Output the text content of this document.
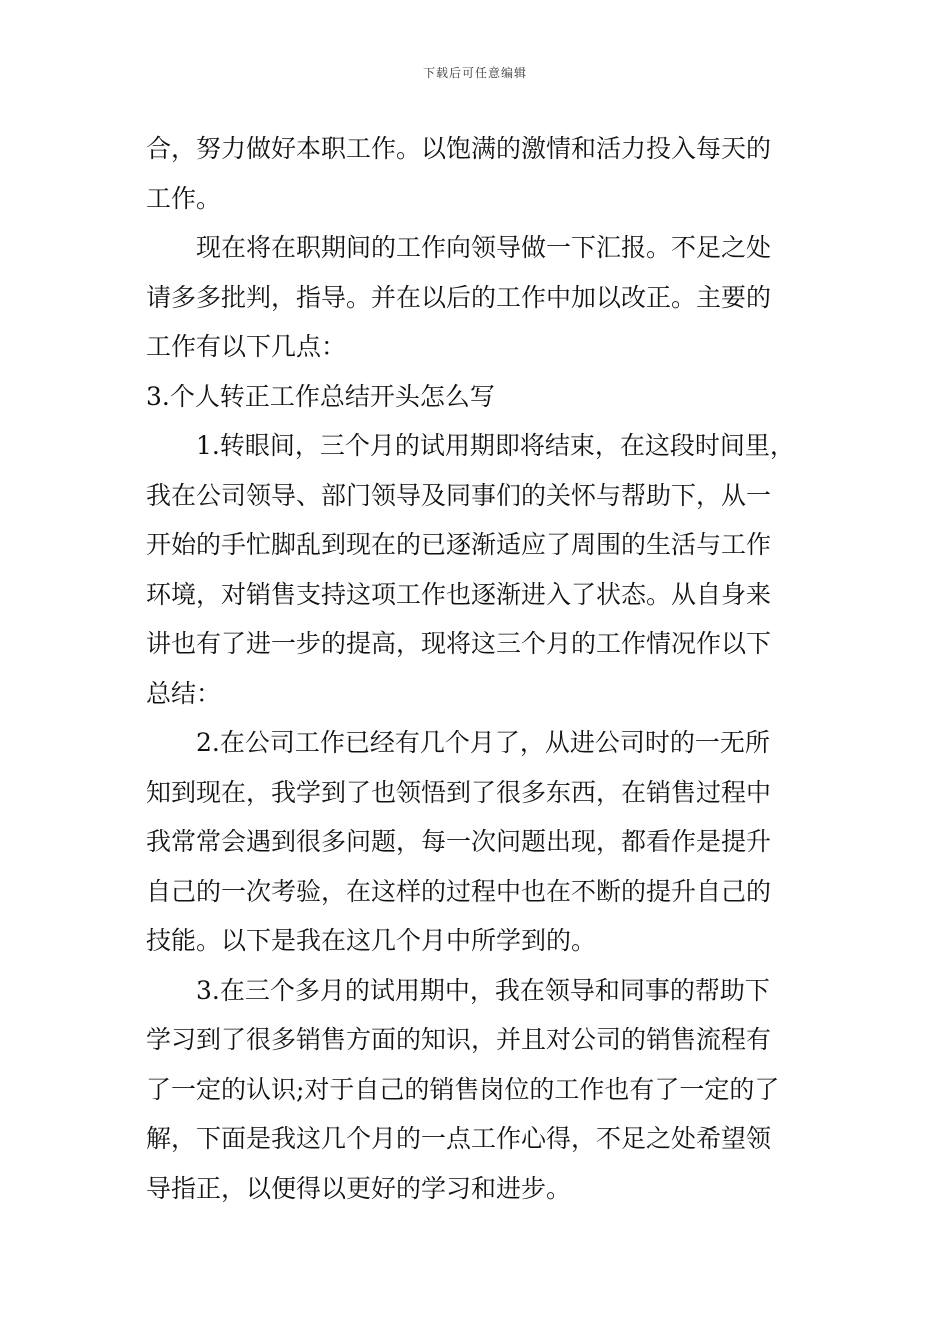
下载后可任意编辑
合，努力做好本职工作。以饱满的激情和活力投入每天的
工作。
现在将在职期间的工作向领导做一下汇报。不足之处
请多多批判，指导。并在以后的工作中加以改正。主要的
工作有以下几点：
3.个人转正工作总结开头怎么写
1.转眼间，三个月的试用期即将结束，在这段时间里，
我在公司领导、部门领导及同事们的关怀与帮助下，从一
开始的手忙脚乱到现在的已逐渐适应了周围的生活与工作
环境，对销售支持这项工作也逐渐进入了状态。从自身来
讲也有了进一步的提高，现将这三个月的工作情况作以下
总结：
2.在公司工作已经有几个月了，从进公司时的一无所
知到现在，我学到了也领悟到了很多东西，在销售过程中
我常常会遇到很多问题，每一次问题出现，都看作是提升
自己的一次考验，在这样的过程中也在不断的提升自己的
技能。以下是我在这几个月中所学到的。
3.在三个多月的试用期中，我在领导和同事的帮助下
学习到了很多销售方面的知识，并且对公司的销售流程有
了一定的认识;对于自己的销售岗位的工作也有了一定的了
解，下面是我这几个月的一点工作心得，不足之处希望领
导指正，以便得以更好的学习和进步。
